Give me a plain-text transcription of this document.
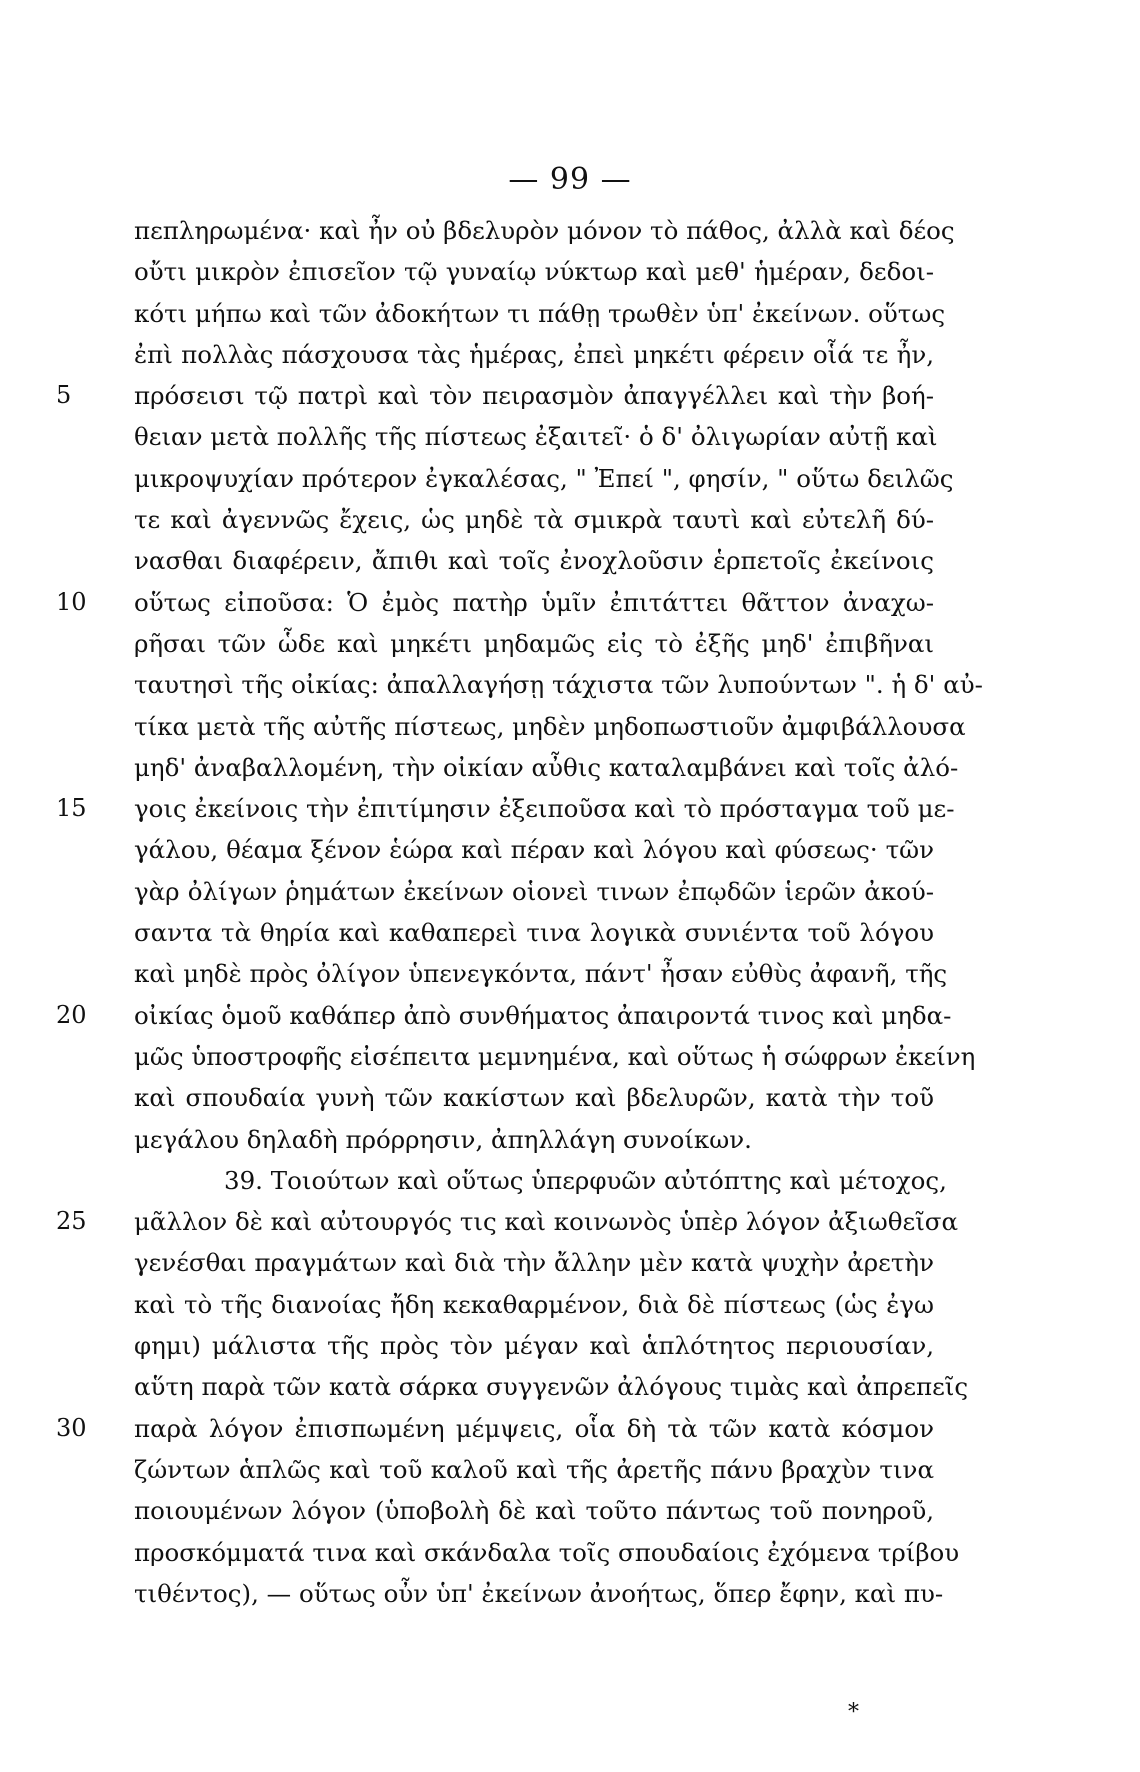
— 99 —
πεπληρωμένα· καὶ ἦν οὐ βδελυρὸν μόνον τὸ πάθος, ἀλλὰ καὶ δέος
οὔτι μικρὸν ἐπισεῖον τῷ γυναίῳ νύκτωρ καὶ μεθ' ἡμέραν, δεδοι-
κότι μήπω καὶ τῶν ἀδοκήτων τι πάθῃ τρωθὲν ὑπ' ἐκείνων. οὕτως
ἐπὶ πολλὰς πάσχουσα τὰς ἡμέρας, ἐπεὶ μηκέτι φέρειν οἷά τε ἦν,
5	πρόσεισι τῷ πατρὶ καὶ τὸν πειρασμὸν ἀπαγγέλλει καὶ τὴν βοή-
θειαν μετὰ πολλῆς τῆς πίστεως ἐξαιτεῖ· ὁ δ' ὀλιγωρίαν αὐτῇ καὶ
μικροψυχίαν πρότερον ἐγκαλέσας, " Ἐπεί ", φησίν, " οὕτω δειλῶς
τε καὶ ἀγεννῶς ἔχεις, ὡς μηδὲ τὰ σμικρὰ ταυτὶ καὶ εὐτελῆ δύ-
νασθαι διαφέρειν, ἄπιθι καὶ τοῖς ἐνοχλοῦσιν ἑρπετοῖς ἐκείνοις
10	οὕτως εἰποῦσα: Ὁ ἐμὸς πατὴρ ὑμῖν ἐπιτάττει θᾶττον ἀναχω-
ρῆσαι τῶν ὧδε καὶ μηκέτι μηδαμῶς εἰς τὸ ἐξῆς μηδ' ἐπιβῆναι
ταυτησὶ τῆς οἰκίας: ἀπαλλαγήσῃ τάχιστα τῶν λυπούντων ". ἡ δ' αὐ-
τίκα μετὰ τῆς αὐτῆς πίστεως, μηδὲν μηδοπωστιοῦν ἀμφιβάλλουσα
μηδ' ἀναβαλλομένη, τὴν οἰκίαν αὖθις καταλαμβάνει καὶ τοῖς ἀλό-
15	γοις ἐκείνοις τὴν ἐπιτίμησιν ἐξειποῦσα καὶ τὸ πρόσταγμα τοῦ με-
γάλου, θέαμα ξένον ἑώρα καὶ πέραν καὶ λόγου καὶ φύσεως· τῶν
γὰρ ὀλίγων ῥημάτων ἐκείνων οἱονεὶ τινων ἐπῳδῶν ἱερῶν ἀκού-
σαντα τὰ θηρία καὶ καθαπερεὶ τινα λογικὰ συνιέντα τοῦ λόγου
καὶ μηδὲ πρὸς ὀλίγον ὑπενεγκόντα, πάντ' ἦσαν εὐθὺς ἀφανῆ, τῆς
20	οἰκίας ὁμοῦ καθάπερ ἀπὸ συνθήματος ἀπαιροντά τινος καὶ μηδα-
μῶς ὑποστροφῆς εἰσέπειτα μεμνημένα, καὶ οὕτως ἡ σώφρων ἐκείνη
καὶ σπουδαία γυνὴ τῶν κακίστων καὶ βδελυρῶν, κατὰ τὴν τοῦ
μεγάλου δηλαδὴ πρόρρησιν, ἀπηλλάγη συνοίκων.
39. Τοιούτων καὶ οὕτως ὑπερφυῶν αὐτόπτης καὶ μέτοχος,
25	μᾶλλον δὲ καὶ αὐτουργός τις καὶ κοινωνὸς ὑπὲρ λόγον ἀξιωθεῖσα
γενέσθαι πραγμάτων καὶ διὰ τὴν ἄλλην μὲν κατὰ ψυχὴν ἀρετὴν
καὶ τὸ τῆς διανοίας ἤδη κεκαθαρμένον, διὰ δὲ πίστεως (ὡς ἐγω
φημι) μάλιστα τῆς πρὸς τὸν μέγαν καὶ ἁπλότητος περιουσίαν,
αὕτη παρὰ τῶν κατὰ σάρκα συγγενῶν ἀλόγους τιμὰς καὶ ἀπρεπεῖς
30	παρὰ λόγον ἐπισπωμένη μέμψεις, οἷα δὴ τὰ τῶν κατὰ κόσμον
ζώντων ἁπλῶς καὶ τοῦ καλοῦ καὶ τῆς ἀρετῆς πάνυ βραχὺν τινα
ποιουμένων λόγον (ὑποβολὴ δὲ καὶ τοῦτο πάντως τοῦ πονηροῦ,
προσκόμματά τινα καὶ σκάνδαλα τοῖς σπουδαίοις ἐχόμενα τρίβου
τιθέντος), — οὕτως οὖν ὑπ' ἐκείνων ἀνοήτως, ὅπερ ἔφην, καὶ πυ-
*
